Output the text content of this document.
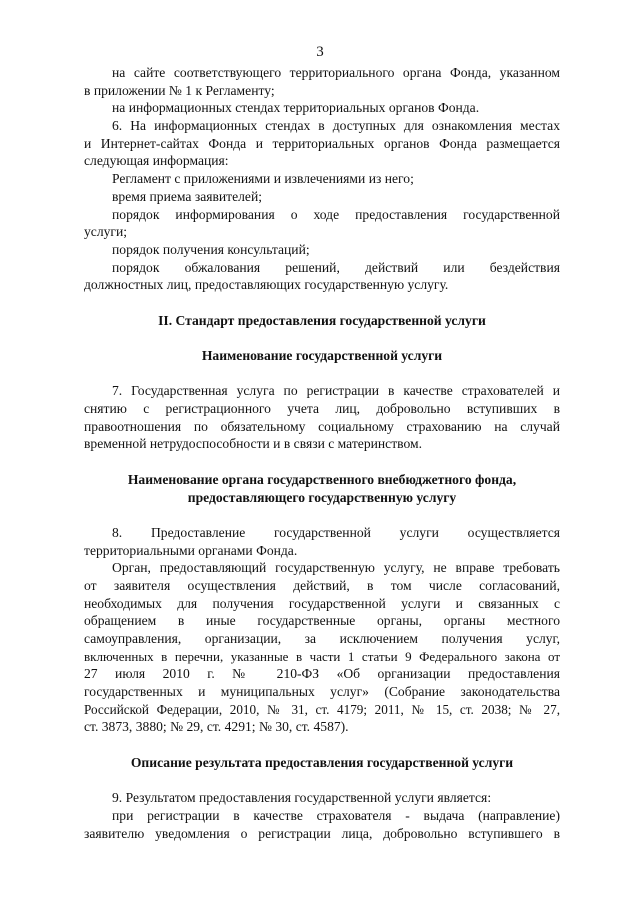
3
на сайте соответствующего территориального органа Фонда, указанном
в приложении № 1 к Регламенту;
на информационных стендах территориальных органов Фонда.
6. На информационных стендах в доступных для ознакомления местах
и Интернет-сайтах Фонда и территориальных органов Фонда размещается
следующая информация:
Регламент с приложениями и извлечениями из него;
время приема заявителей;
порядок информирования о ходе предоставления государственной
услуги;
порядок получения консультаций;
порядок обжалования решений, действий или бездействия
должностных лиц, предоставляющих государственную услугу.
II. Стандарт предоставления государственной услуги
Наименование государственной услуги
7. Государственная услуга по регистрации в качестве страхователей и
снятию с регистрационного учета лиц, добровольно вступивших в
правоотношения по обязательному социальному страхованию на случай
временной нетрудоспособности и в связи с материнством.
Наименование органа государственного внебюджетного фонда,
предоставляющего государственную услугу
8. Предоставление государственной услуги осуществляется
территориальными органами Фонда.
Орган, предоставляющий государственную услугу, не вправе требовать
от заявителя осуществления действий, в том числе согласований,
необходимых для получения государственной услуги и связанных с
обращением в иные государственные органы, органы местного
самоуправления, организации, за исключением получения услуг,
включенных в перечни, указанные в части 1 статьи 9 Федерального закона от
27 июля 2010 г. № 210-ФЗ «Об организации предоставления
государственных и муниципальных услуг» (Собрание законодательства
Российской Федерации, 2010, № 31, ст. 4179; 2011, № 15, ст. 2038; № 27,
ст. 3873, 3880; № 29, ст. 4291; № 30, ст. 4587).
Описание результата предоставления государственной услуги
9. Результатом предоставления государственной услуги является:
при регистрации в качестве страхователя - выдача (направление)
заявителю уведомления о регистрации лица, добровольно вступившего в
